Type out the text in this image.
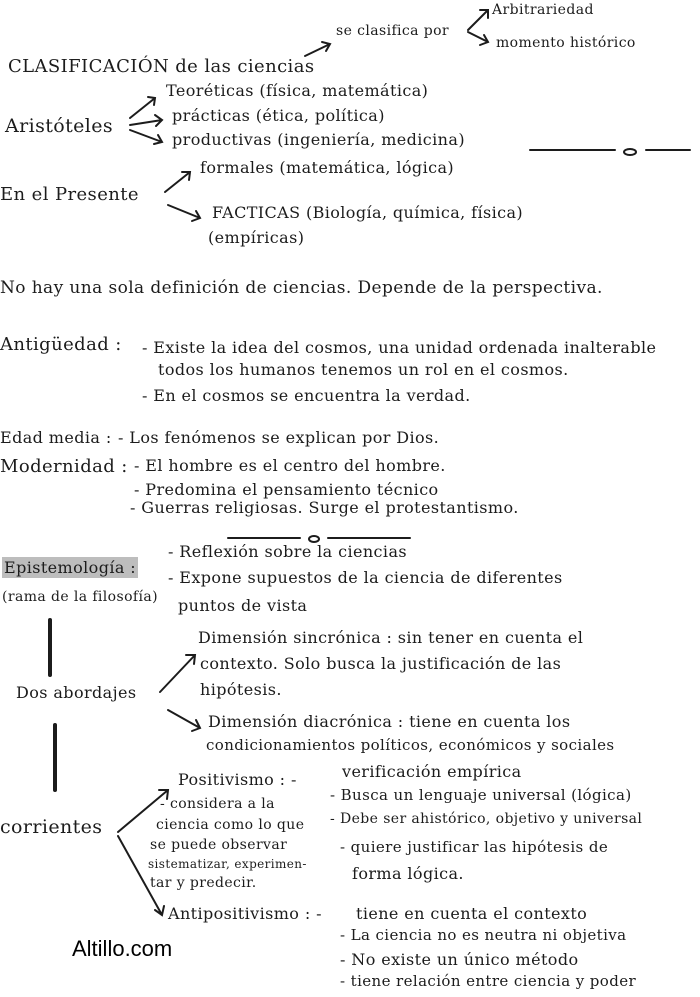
CLASIFICACIÓN de las ciencias
se clasifica por
Arbitrariedad
momento histórico
Aristóteles
Teoréticas (física, matemática)
prácticas (ética, política)
productivas (ingeniería, medicina)
En el Presente
formales (matemática, lógica)
FACTICAS (Biología, química, física)
(empíricas)
No hay una sola definición de ciencias. Depende de la perspectiva.
Antigüedad : - Existe la idea del cosmos, una unidad ordenada inalterable
todos los humanos tenemos un rol en el cosmos.
- En el cosmos se encuentra la verdad.
Edad media : - Los fenómenos se explican por Dios.
Modernidad : - El hombre es el centro del hombre.
- Predomina el pensamiento técnico
- Guerras religiosas. Surge el protestantismo.
Epistemología :
(rama de la filosofía)
- Reflexión sobre la ciencias
- Expone supuestos de la ciencia de diferentes
puntos de vista
Dos abordajes
Dimensión sincrónica : sin tener en cuenta el
contexto. Solo busca la justificación de las
hipótesis.
Dimensión diacrónica : tiene en cuenta los
condicionamientos políticos, económicos y sociales
corrientes
Positivismo : -
- considera a la
ciencia como lo que
se puede observar
sistematizar, experimen-
tar y predecir.
verificación empírica
- Busca un lenguaje universal (lógica)
- Debe ser ahistórico, objetivo y universal
- quiere justificar las hipótesis de
forma lógica.
Antipositivismo : - tiene en cuenta el contexto
- La ciencia no es neutra ni objetiva
- No existe un único método
- tiene relación entre ciencia y poder
Altillo.com
